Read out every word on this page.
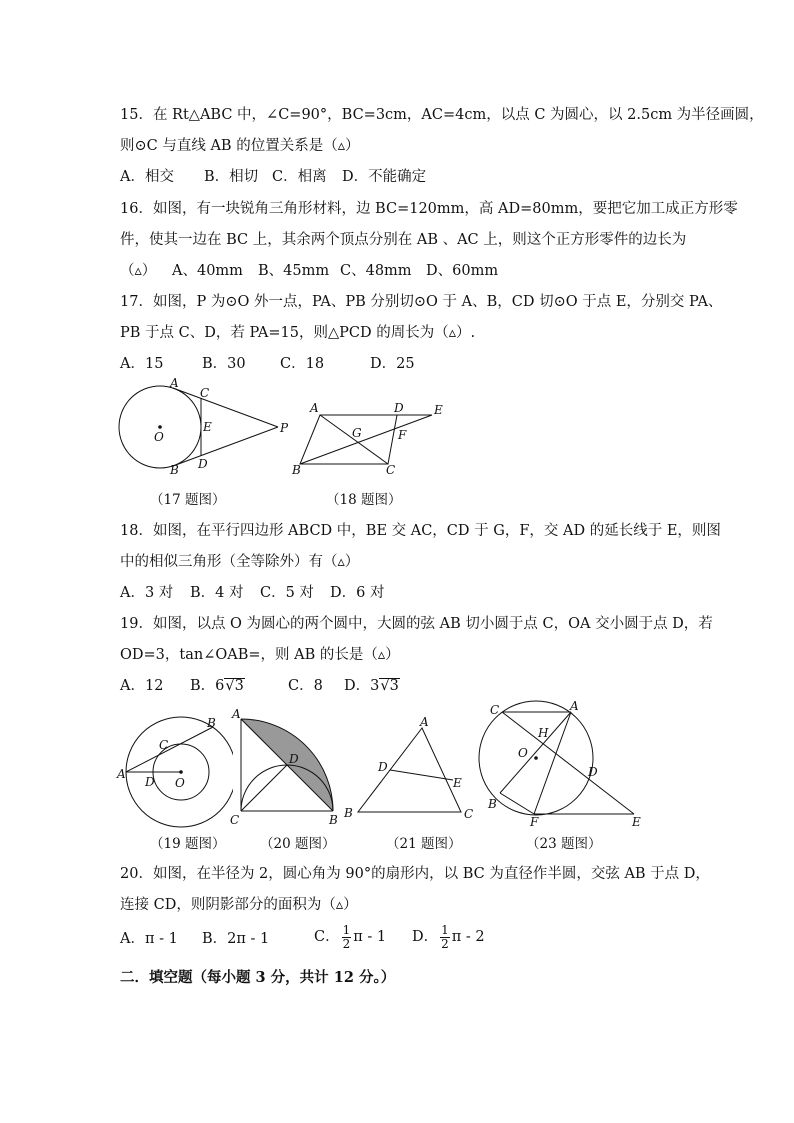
15．在 Rt△ABC 中，∠C=90°，BC=3cm，AC=4cm，以点 C 为圆心，以 2.5cm 为半径画圆，
则⊙C 与直线 AB 的位置关系是（▵）
A．相交 B．相切 C．相离 D．不能确定
16．如图，有一块锐角三角形材料，边 BC=120mm，高 AD=80mm，要把它加工成正方形零
件，使其一边在 BC 上，其余两个顶点分别在 AB 、AC 上，则这个正方形零件的边长为
（▵） A、40mm B、45mm C、48mm D、60mm
17．如图，P 为⊙O 外一点，PA、PB 分别切⊙O 于 A、B，CD 切⊙O 于点 E，分别交 PA、
PB 于点 C、D，若 PA=15，则△PCD 的周长为（▵）.
A．15	B．30 C．18	D．25
A
B
C
D
E
O
P
（17 题图）
A	D	E
G	F
B	C
（18 题图）
18．如图，在平行四边形 ABCD 中，BE 交 AC，CD 于 G，F，交 AD 的延长线于 E，则图
中的相似三角形（全等除外）有（▵）
A．3 对 B．4 对 C．5 对 D．6 对
19．如图，以点 O 为圆心的两个圆中，大圆的弦 AB 切小圆于点 C，OA 交小圆于点 D，若
OD=3，tan∠OAB=，则 AB 的长是（▵）
A．12 B．6√3	C．8 D．3√3
A
B
C
D O
（19 题图）
A
D
C	B
（20 题图）
A
D
E
B	C
（21 题图）
C	A
H
O
D
B
F	E
（23 题图）
20．如图，在半径为 2，圆心角为 90°的扇形内，以 BC 为直径作半圆，交弦 AB 于点 D，
连接 CD，则阴影部分的面积为（▵）
A．π - 1	B．2π - 1	C． $\frac{1}{2}$ π - 1	D． $\frac{1}{2}$ π - 2
二．填空题（每小题 3 分，共计 12 分。）
